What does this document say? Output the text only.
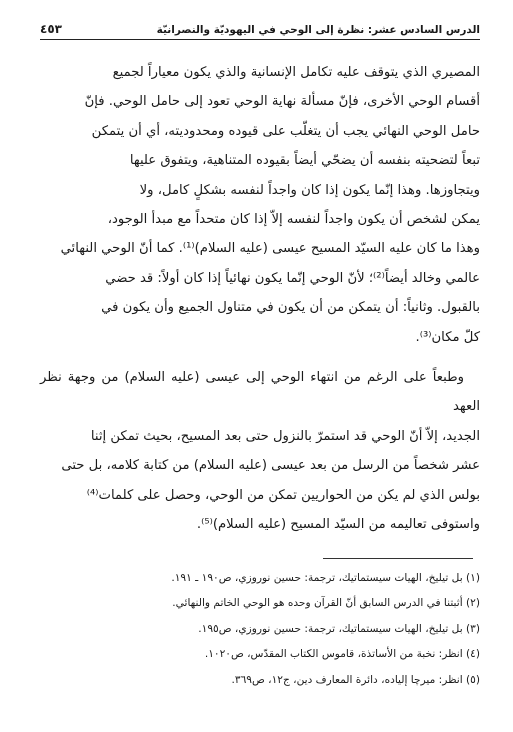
الدرس السادس عشر: نظرة إلى الوحي في اليهوديّة والنصرانيّة
٤٥٣

المصيري الذي يتوقف عليه تكامل الإنسانية والذي يكون معياراً لجميع
أقسام الوحي الأخرى، فإنّ مسألة نهاية الوحي تعود إلى حامل الوحي. فإنّ
حامل الوحي النهائي يجب أن يتغلّب على قيوده ومحدوديته، أي أن يتمكن
تبعاً لتضحيته بنفسه أن يضحّي أيضاً بقيوده المتناهية، ويتفوق عليها
ويتجاوزها. وهذا إنّما يكون إذا كان واجداً لنفسه بشكلٍ كامل، ولا
يمكن لشخص أن يكون واجداً لنفسه إلاّ إذا كان متحداً مع مبدأ الوجود،
وهذا ما كان عليه السيّد المسيح عيسى (عليه السلام)⁽¹⁾. كما أنّ الوحي النهائي
عالمي وخالد أيضاً⁽²⁾؛ لأنّ الوحي إنّما يكون نهائياً إذا كان أولاً: قد حضي
بالقبول. وثانياً: أن يتمكن من أن يكون في متناول الجميع وأن يكون في
كلّ مكان⁽³⁾.

وطبعاً على الرغم من انتهاء الوحي إلى عيسى (عليه السلام) من وجهة نظر العهد
الجديد، إلاّ أنّ الوحي قد استمرّ بالنزول حتى بعد المسيح، بحيث تمكن إثنا
عشر شخصاً من الرسل من بعد عيسى (عليه السلام) من كتابة كلامه، بل حتى
بولس الذي لم يكن من الحواريين تمكن من الوحي، وحصل على كلمات⁽⁴⁾
واستوفى تعاليمه من السيّد المسيح (عليه السلام)⁽⁵⁾.

(١) بل تيليخ، الهيات سيستماتيك، ترجمة: حسين نوروزي، ص١٩٠ ـ ١٩١.
(٢) أثبتنا في الدرس السابق أنّ القرآن وحده هو الوحي الخاتم والنهائي.
(٣) بل تيليخ، الهيات سيستماتيك، ترجمة: حسين نوروزي، ص١٩٥.
(٤) انظر: نخبة من الأساتذة، قاموس الكتاب المقدّس، ص١٠٢٠.
(٥) انظر: ميرچا إلياده، دائرة المعارف دين، ج١٢، ص٣٦٩.
